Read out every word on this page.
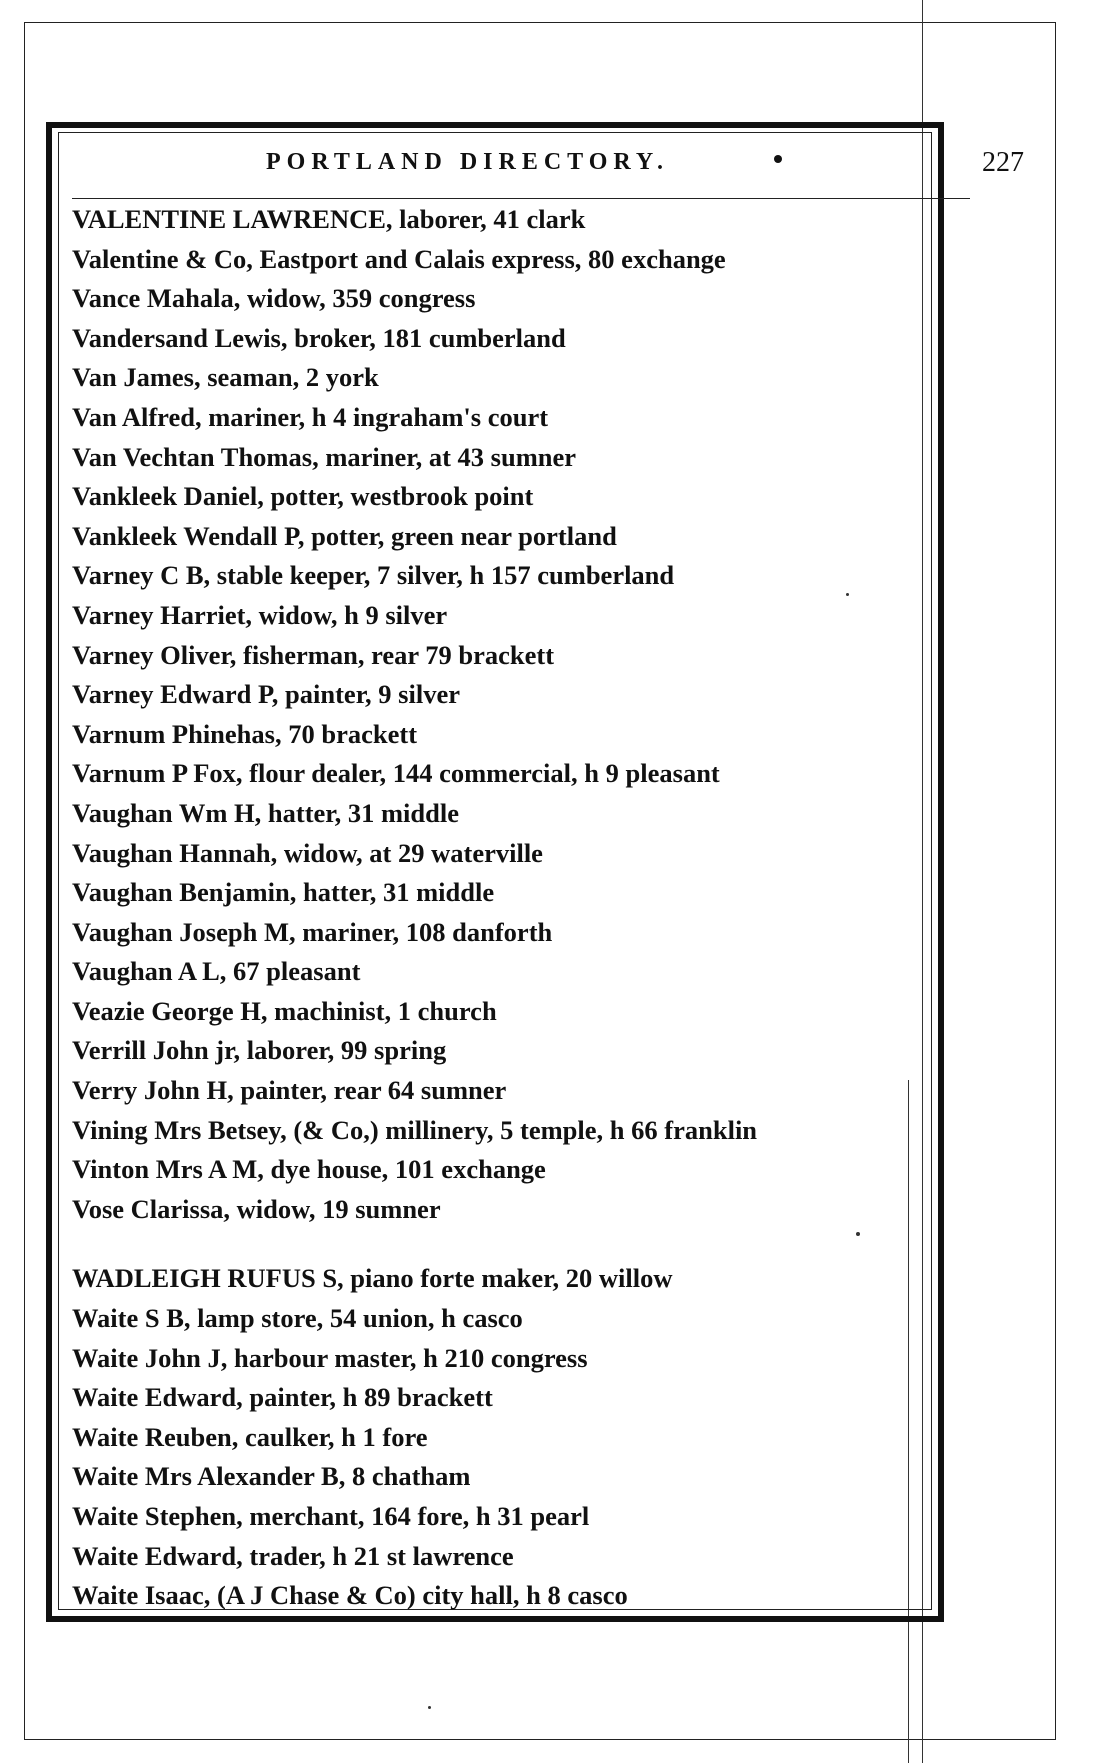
PORTLAND DIRECTORY.	227
VALENTINE LAWRENCE, laborer, 41 clark
Valentine & Co, Eastport and Calais express, 80 exchange
Vance Mahala, widow, 359 congress
Vandersand Lewis, broker, 181 cumberland
Van James, seaman, 2 york
Van Alfred, mariner, h 4 ingraham's court
Van Vechtan Thomas, mariner, at 43 sumner
Vankleek Daniel, potter, westbrook point
Vankleek Wendall P, potter, green near portland
Varney C B, stable keeper, 7 silver, h 157 cumberland
Varney Harriet, widow, h 9 silver
Varney Oliver, fisherman, rear 79 brackett
Varney Edward P, painter, 9 silver
Varnum Phinehas, 70 brackett
Varnum P Fox, flour dealer, 144 commercial, h 9 pleasant
Vaughan Wm H, hatter, 31 middle
Vaughan Hannah, widow, at 29 waterville
Vaughan Benjamin, hatter, 31 middle
Vaughan Joseph M, mariner, 108 danforth
Vaughan A L, 67 pleasant
Veazie George H, machinist, 1 church
Verrill John jr, laborer, 99 spring
Verry John H, painter, rear 64 sumner
Vining Mrs Betsey, (& Co,) millinery, 5 temple, h 66 franklin
Vinton Mrs A M, dye house, 101 exchange
Vose Clarissa, widow, 19 sumner
WADLEIGH RUFUS S, piano forte maker, 20 willow
Waite S B, lamp store, 54 union, h casco
Waite John J, harbour master, h 210 congress
Waite Edward, painter, h 89 brackett
Waite Reuben, caulker, h 1 fore
Waite Mrs Alexander B, 8 chatham
Waite Stephen, merchant, 164 fore, h 31 pearl
Waite Edward, trader, h 21 st lawrence
Waite Isaac, (A J Chase & Co) city hall, h 8 casco
